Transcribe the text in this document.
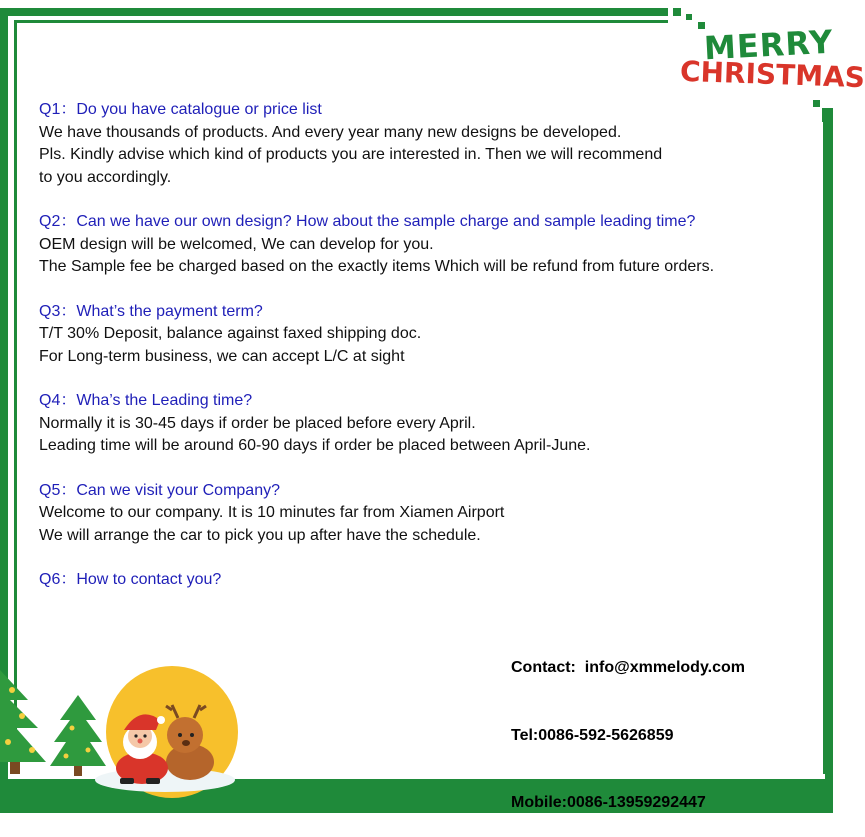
MERRY
CHRISTMAS
Q1：Do you have catalogue or price list
We have thousands of products. And every year many new designs be developed.
Pls. Kindly advise which kind of products you are interested in. Then we will recommend
to you accordingly.
Q2：Can we have our own design? How about the sample charge and sample leading time?
OEM design will be welcomed, We can develop for you.
The Sample fee be charged based on the exactly items Which will be refund from future orders.
Q3：What’s the payment term?
T/T 30% Deposit, balance against faxed shipping doc.
For Long-term business, we can accept L/C at sight
Q4：Wha’s the Leading time?
Normally it is 30-45 days if order be placed before every April.
Leading time will be around 60-90 days if order be placed between April-June.
Q5：Can we visit your Company?
Welcome to our company. It is 10 minutes far from Xiamen Airport
We will arrange the car to pick you up after have the schedule.
Q6：How to contact you?

Contact:  info@xmmelody.com

Tel:0086-592-5626859

Mobile:0086-13959292447
